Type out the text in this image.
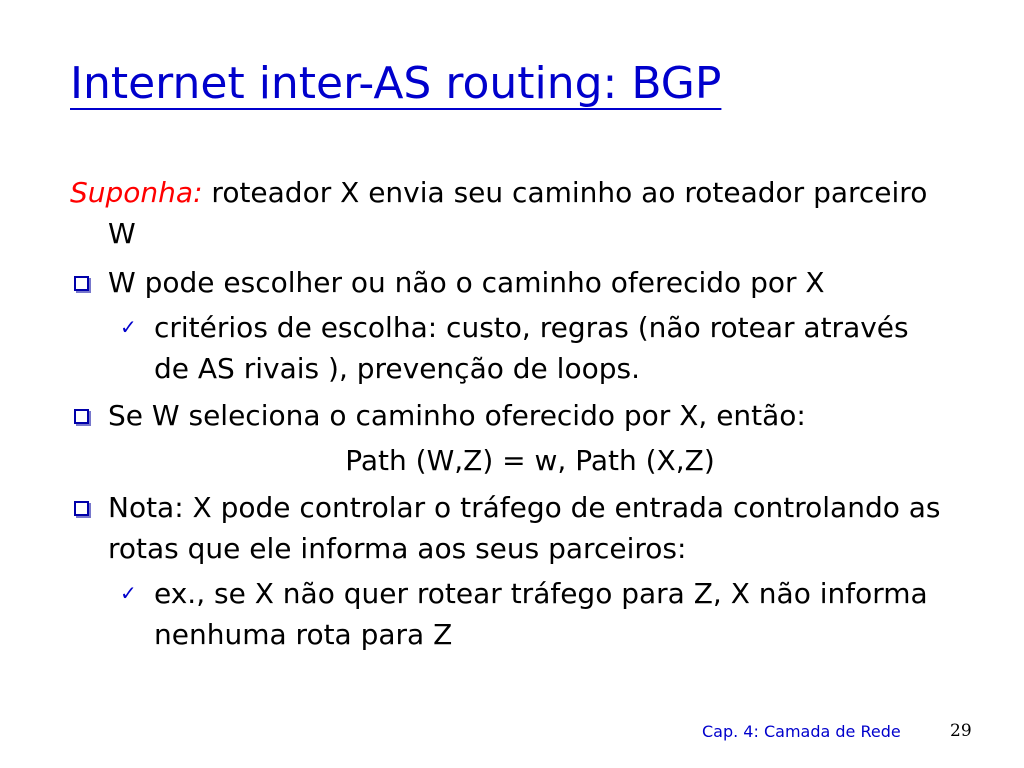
Internet inter-AS routing: BGP

Suponha: roteador X envia seu caminho ao roteador parceiro W

W pode escolher ou não o caminho oferecido por X
✓ critérios de escolha: custo, regras (não rotear através de AS rivais ), prevenção de loops.
Se W seleciona o caminho oferecido por X, então:
Path (W,Z) = w, Path (X,Z)
Nota: X pode controlar o tráfego de entrada controlando as rotas que ele informa aos seus parceiros:
✓ ex., se X não quer rotear tráfego para Z, X não informa nenhuma rota para Z
Cap. 4: Camada de Rede	29
